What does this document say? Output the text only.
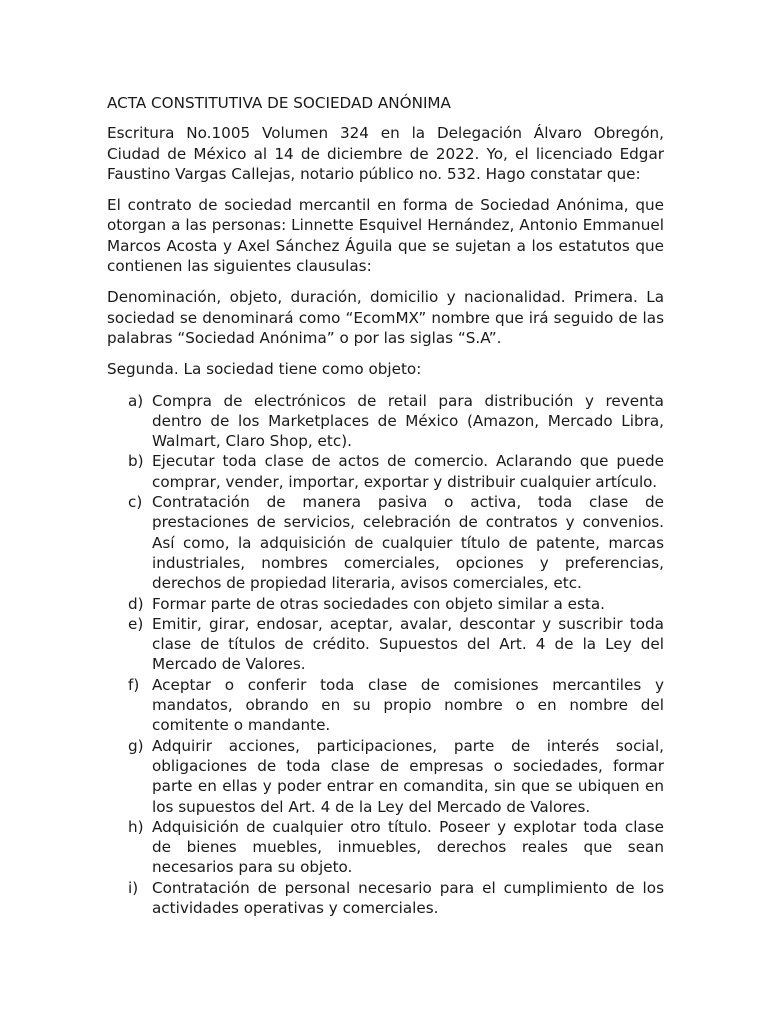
ACTA CONSTITUTIVA DE SOCIEDAD ANÓNIMA

Escritura No.1005 Volumen 324 en la Delegación Álvaro Obregón, Ciudad de México al 14 de diciembre de 2022. Yo, el licenciado Edgar Faustino Vargas Callejas, notario público no. 532. Hago constatar que:

El contrato de sociedad mercantil en forma de Sociedad Anónima, que otorgan a las personas: Linnette Esquivel Hernández, Antonio Emmanuel Marcos Acosta y Axel Sánchez Águila que se sujetan a los estatutos que contienen las siguientes clausulas:

Denominación, objeto, duración, domicilio y nacionalidad. Primera. La sociedad se denominará como “EcomMX” nombre que irá seguido de las palabras “Sociedad Anónima” o por las siglas “S.A”.

Segunda. La sociedad tiene como objeto:

a) Compra de electrónicos de retail para distribución y reventa dentro de los Marketplaces de México (Amazon, Mercado Libra, Walmart, Claro Shop, etc).
b) Ejecutar toda clase de actos de comercio. Aclarando que puede comprar, vender, importar, exportar y distribuir cualquier artículo.
c) Contratación de manera pasiva o activa, toda clase de prestaciones de servicios, celebración de contratos y convenios. Así como, la adquisición de cualquier título de patente, marcas industriales, nombres comerciales, opciones y preferencias, derechos de propiedad literaria, avisos comerciales, etc.
d) Formar parte de otras sociedades con objeto similar a esta.
e) Emitir, girar, endosar, aceptar, avalar, descontar y suscribir toda clase de títulos de crédito. Supuestos del Art. 4 de la Ley del Mercado de Valores.
f) Aceptar o conferir toda clase de comisiones mercantiles y mandatos, obrando en su propio nombre o en nombre del comitente o mandante.
g) Adquirir acciones, participaciones, parte de interés social, obligaciones de toda clase de empresas o sociedades, formar parte en ellas y poder entrar en comandita, sin que se ubiquen en los supuestos del Art. 4 de la Ley del Mercado de Valores.
h) Adquisición de cualquier otro título. Poseer y explotar toda clase de bienes muebles, inmuebles, derechos reales que sean necesarios para su objeto.
i) Contratación de personal necesario para el cumplimiento de los actividades operativas y comerciales.
